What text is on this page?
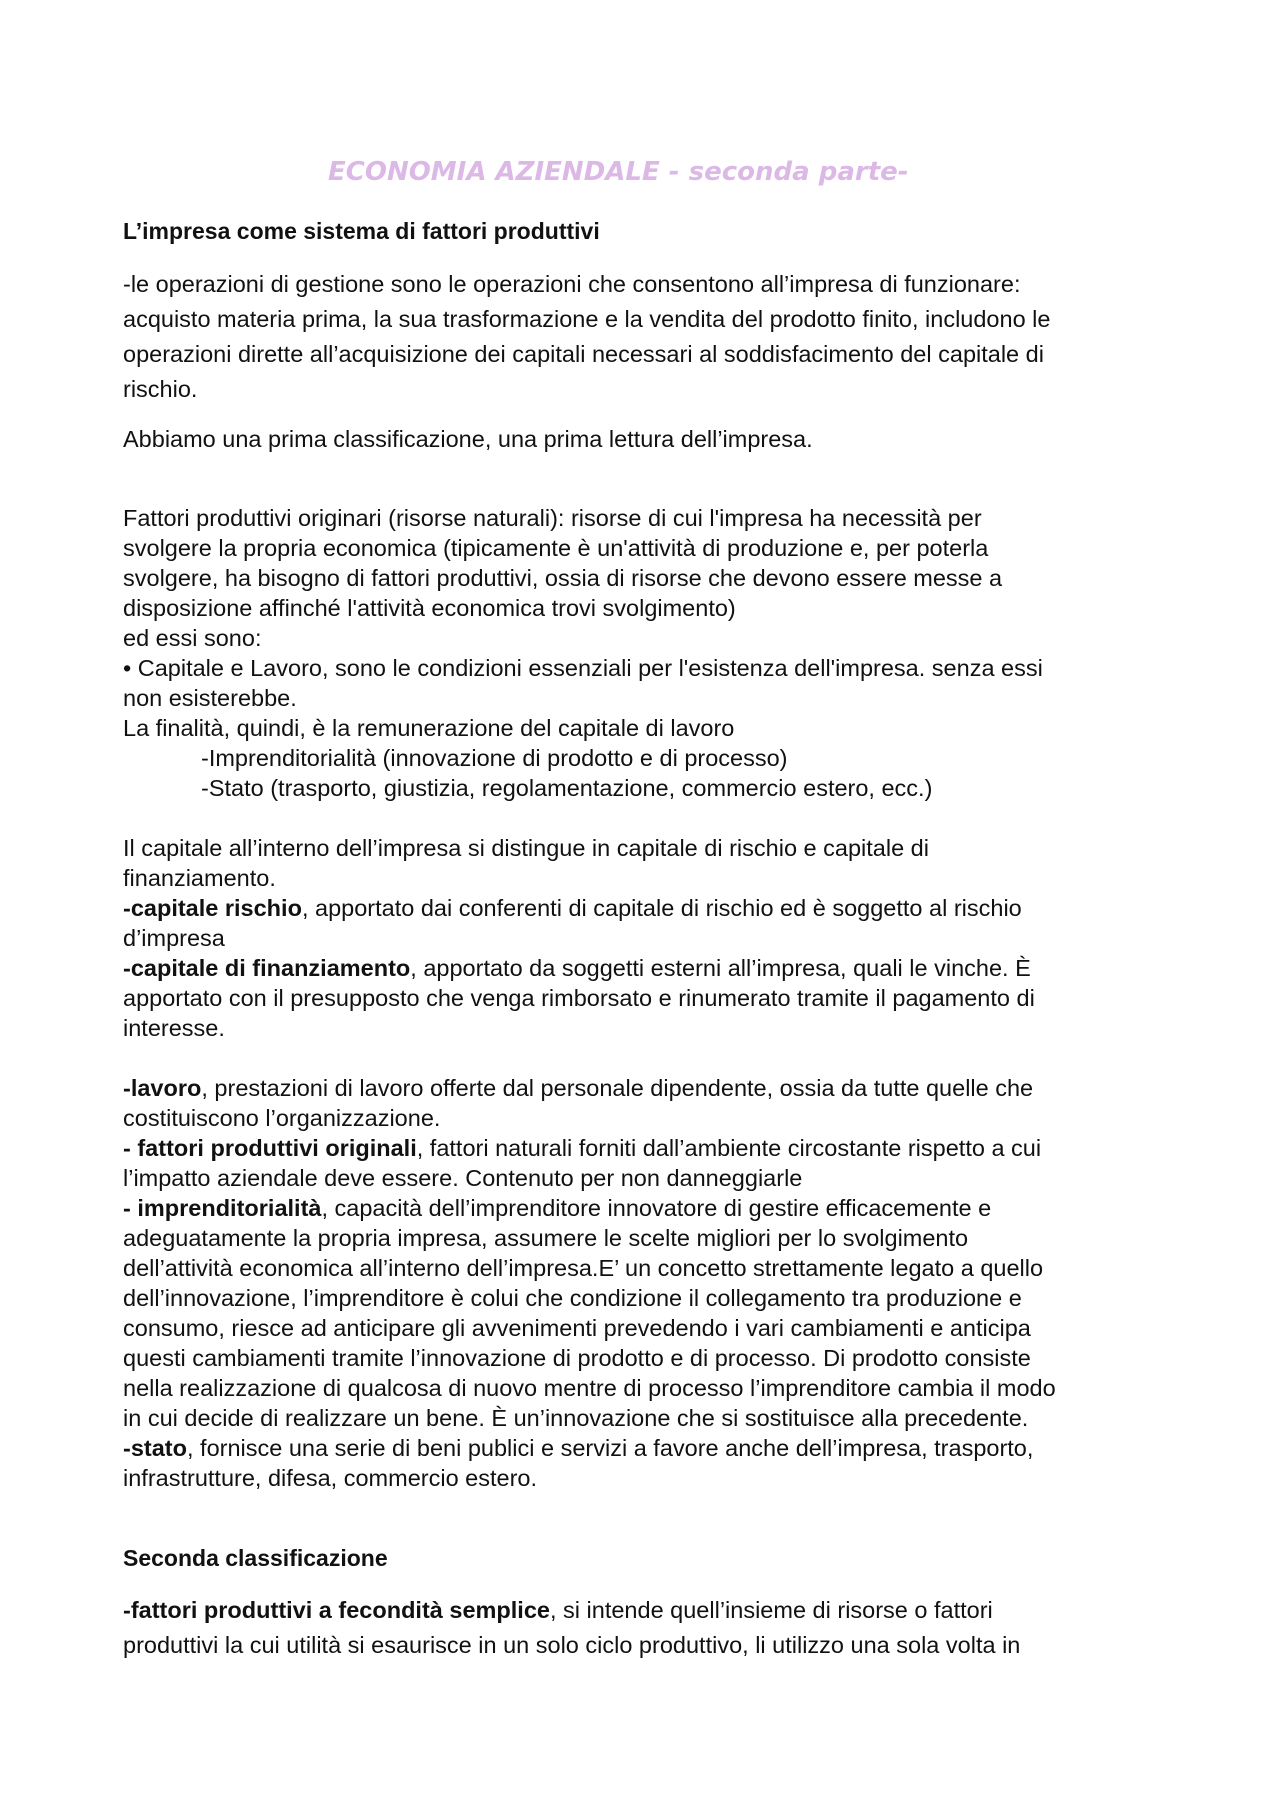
ECONOMIA AZIENDALE - seconda parte-
L’impresa come sistema di fattori produttivi
-le operazioni di gestione sono le operazioni che consentono all’impresa di funzionare:
acquisto materia prima, la sua trasformazione e la vendita del prodotto finito, includono le
operazioni dirette all’acquisizione dei capitali necessari al soddisfacimento del capitale di
rischio.
Abbiamo una prima classificazione, una prima lettura dell’impresa.
Fattori produttivi originari (risorse naturali): risorse di cui l'impresa ha necessità per
svolgere la propria economica (tipicamente è un'attività di produzione e, per poterla
svolgere, ha bisogno di fattori produttivi, ossia di risorse che devono essere messe a
disposizione affinché l'attività economica trovi svolgimento)
ed essi sono:
• Capitale e Lavoro, sono le condizioni essenziali per l'esistenza dell'impresa. senza essi
non esisterebbe.
La finalità, quindi, è la remunerazione del capitale di lavoro
-Imprenditorialità (innovazione di prodotto e di processo)
-Stato (trasporto, giustizia, regolamentazione, commercio estero, ecc.)
Il capitale all’interno dell’impresa si distingue in capitale di rischio e capitale di
finanziamento.
-capitale rischio, apportato dai conferenti di capitale di rischio ed è soggetto al rischio
d’impresa
-capitale di finanziamento, apportato da soggetti esterni all’impresa, quali le vinche. È
apportato con il presupposto che venga rimborsato e rinumerato tramite il pagamento di
interesse.
-lavoro, prestazioni di lavoro offerte dal personale dipendente, ossia da tutte quelle che
costituiscono l’organizzazione.
- fattori produttivi originali, fattori naturali forniti dall’ambiente circostante rispetto a cui
l’impatto aziendale deve essere. Contenuto per non danneggiarle
- imprenditorialità, capacità dell’imprenditore innovatore di gestire efficacemente e
adeguatamente la propria impresa, assumere le scelte migliori per lo svolgimento
dell’attività economica all’interno dell’impresa.E’ un concetto strettamente legato a quello
dell’innovazione, l’imprenditore è colui che condizione il collegamento tra produzione e
consumo, riesce ad anticipare gli avvenimenti prevedendo i vari cambiamenti e anticipa
questi cambiamenti tramite l’innovazione di prodotto e di processo. Di prodotto consiste
nella realizzazione di qualcosa di nuovo mentre di processo l’imprenditore cambia il modo
in cui decide di realizzare un bene. È un’innovazione che si sostituisce alla precedente.
-stato, fornisce una serie di beni publici e servizi a favore anche dell’impresa, trasporto,
infrastrutture, difesa, commercio estero.
Seconda classificazione
-fattori produttivi a fecondità semplice, si intende quell’insieme di risorse o fattori
produttivi la cui utilità si esaurisce in un solo ciclo produttivo, li utilizzo una sola volta in
